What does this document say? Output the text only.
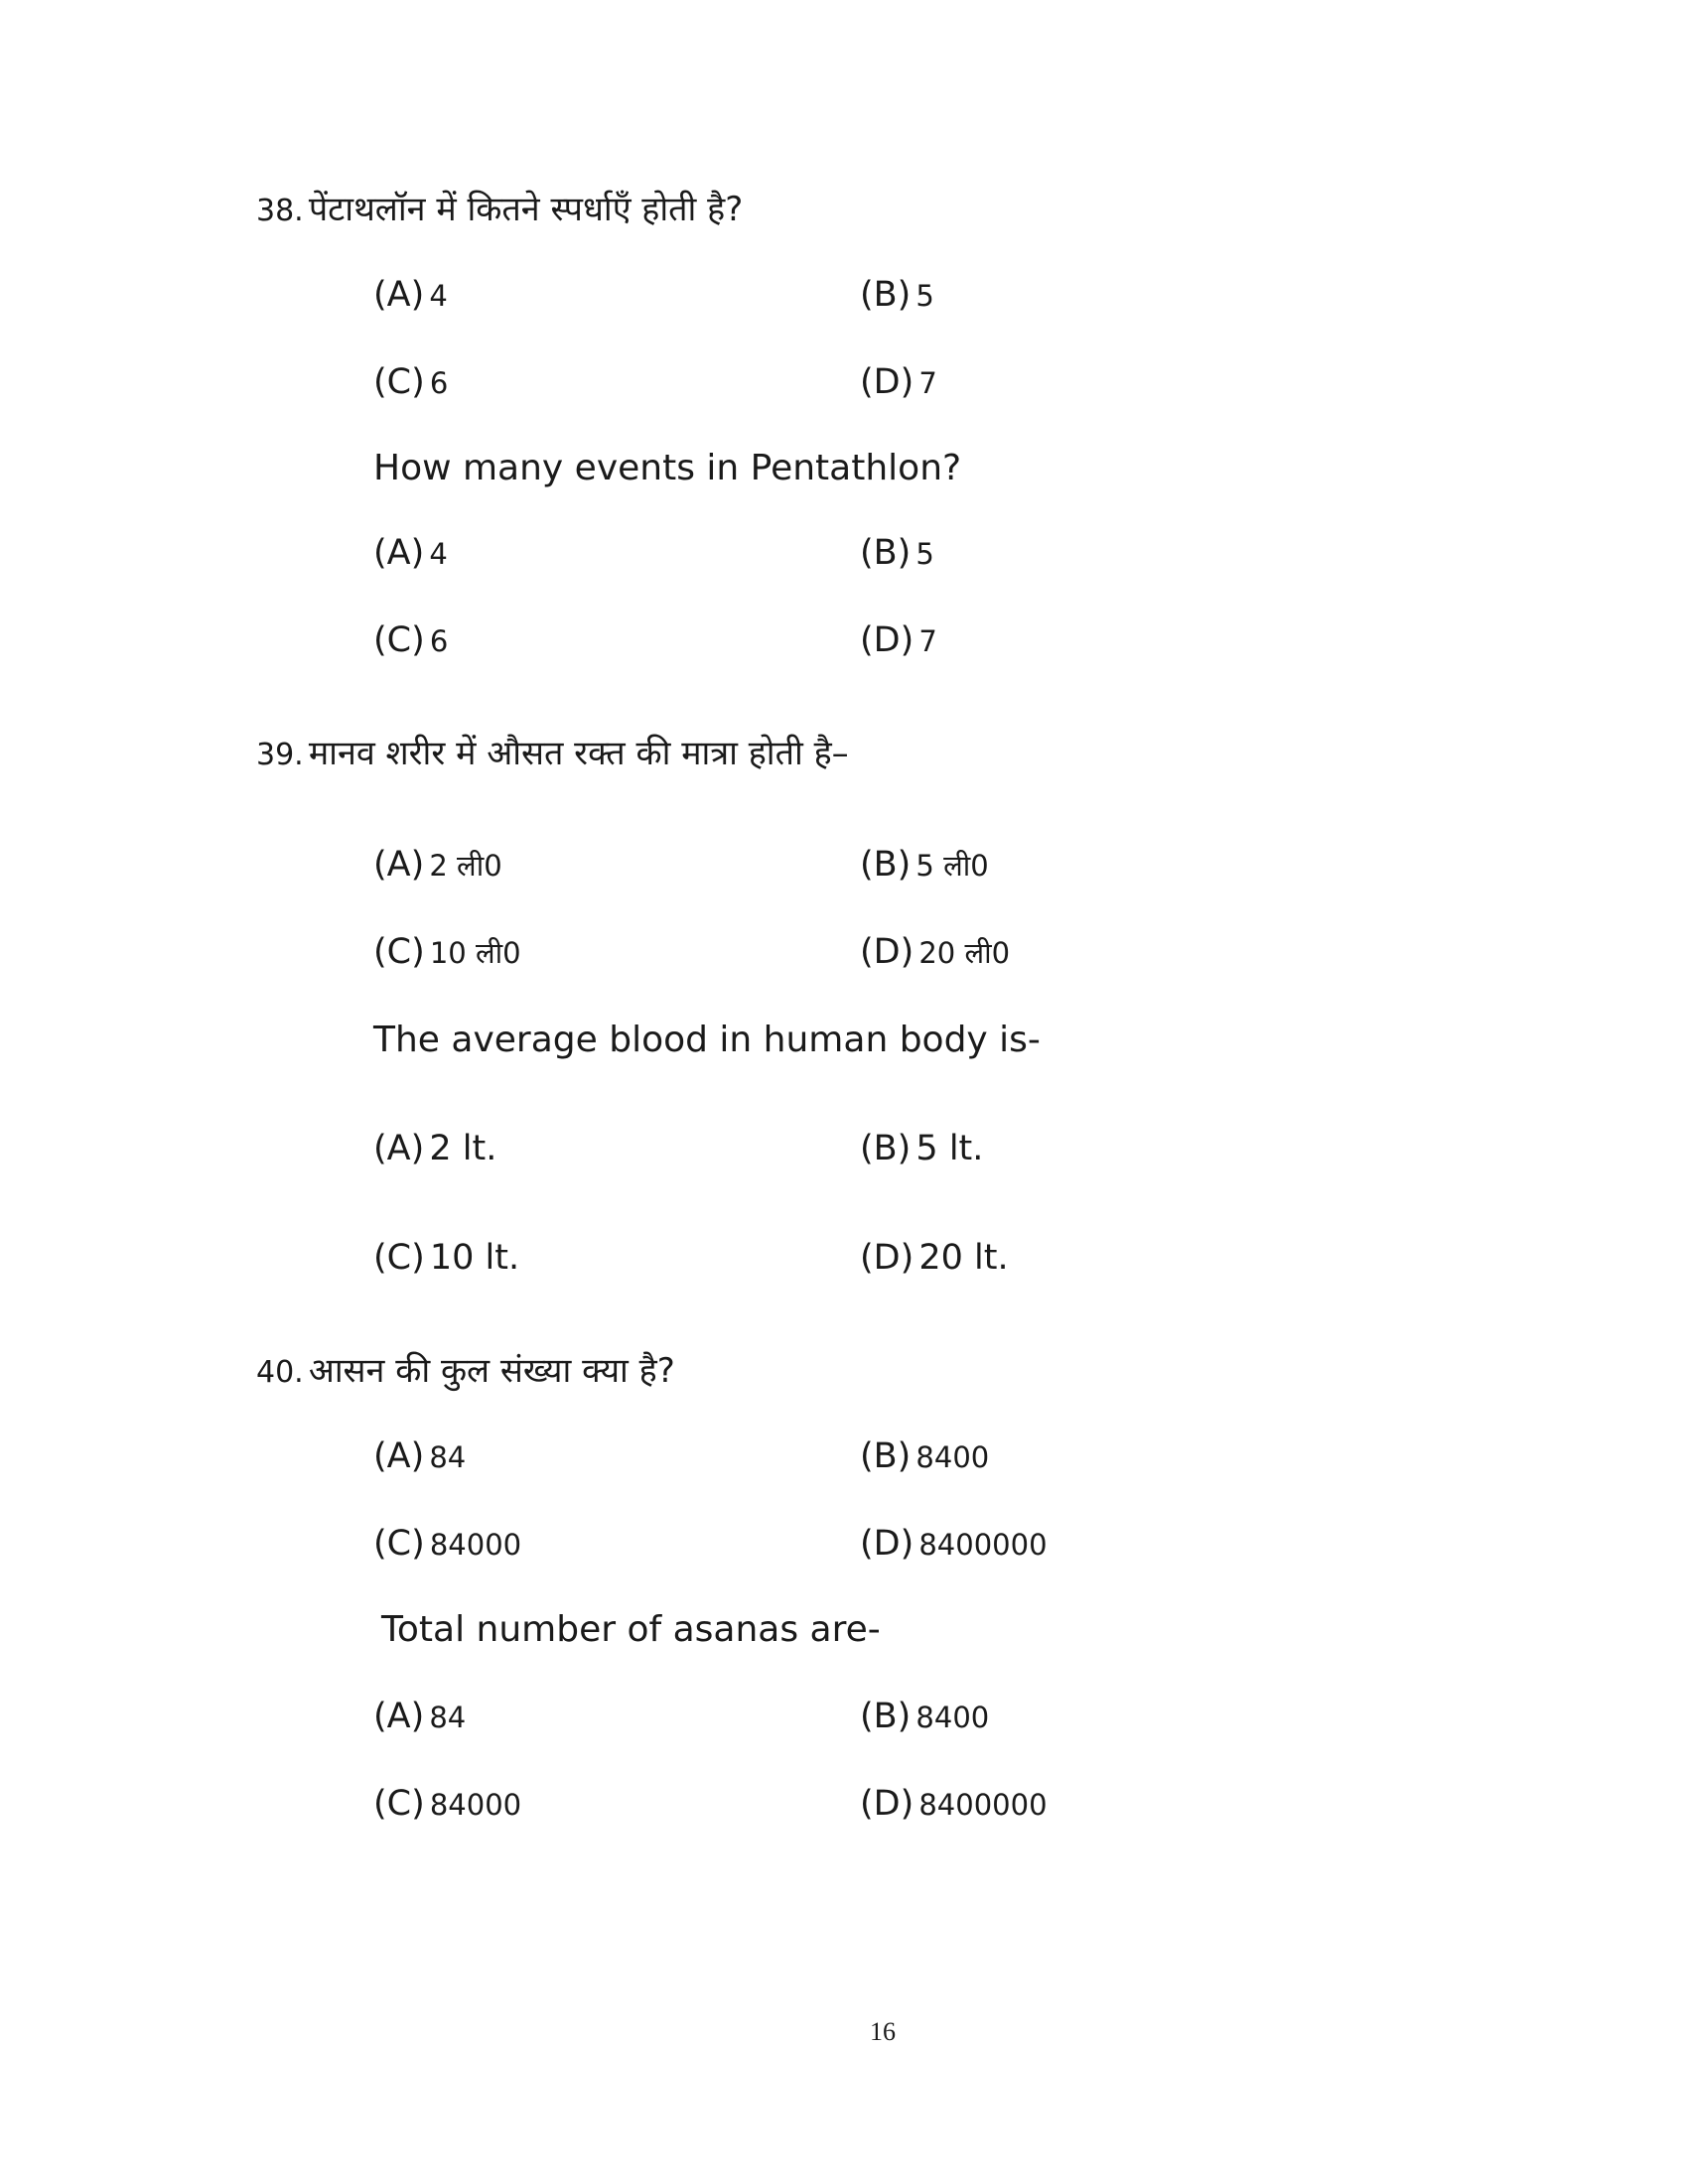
38. पेंटाथलॉन में कितने स्पर्धाएँ होती है?
(A) 4	(B) 5
(C) 6	(D) 7
How many events in Pentathlon?
(A) 4	(B) 5
(C) 6	(D) 7
39. मानव शरीर में औसत रक्त की मात्रा होती है–
(A) 2 ली0	(B) 5 ली0
(C) 10 ली0	(D) 20 ली0
The average blood in human body is-
(A) 2 lt.	(B) 5 lt.
(C) 10 lt.	(D) 20 lt.
40. आसन की कुल संख्या क्या है?
(A) 84	(B) 8400
(C) 84000	(D) 8400000
Total number of asanas are-
(A) 84	(B) 8400
(C) 84000	(D) 8400000
16
